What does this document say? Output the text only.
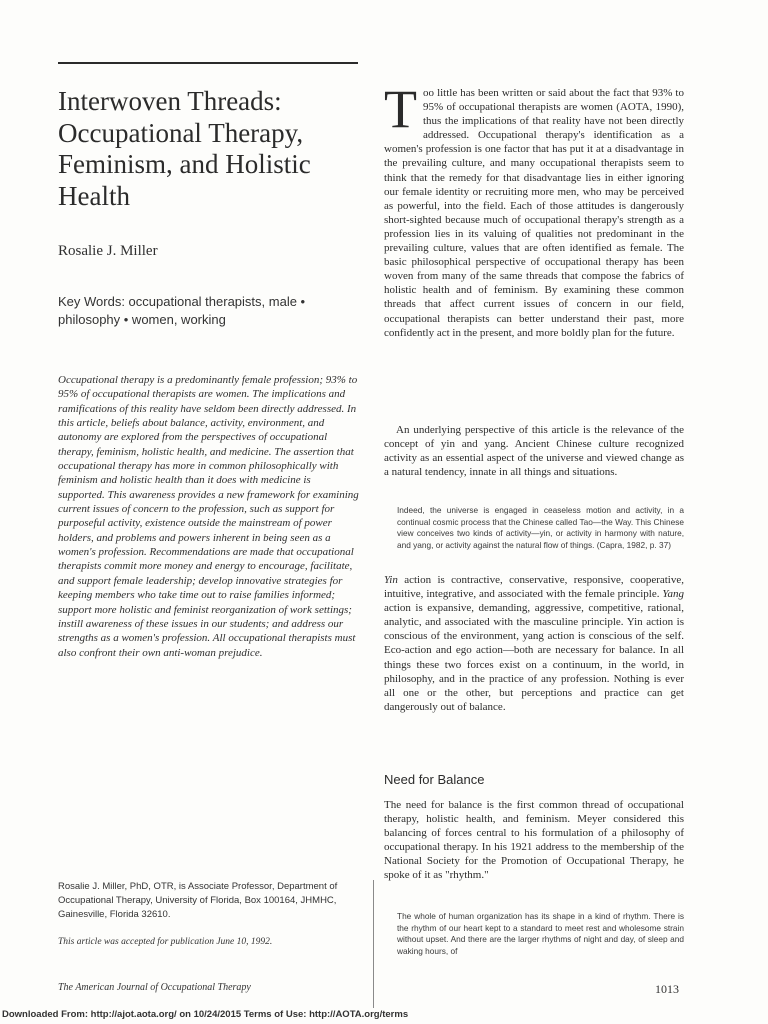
Interwoven Threads: Occupational Therapy, Feminism, and Holistic Health
Rosalie J. Miller
Key Words: occupational therapists, male • philosophy • women, working

Occupational therapy is a predominantly female profession; 93% to 95% of occupational therapists are women. The implications and ramifications of this reality have seldom been directly addressed. In this article, beliefs about balance, activity, environment, and autonomy are explored from the perspectives of occupational therapy, feminism, holistic health, and medicine. The assertion that occupational therapy has more in common philosophically with feminism and holistic health than it does with medicine is supported. This awareness provides a new framework for examining current issues of concern to the profession, such as support for purposeful activity, existence outside the mainstream of power holders, and problems and powers inherent in being seen as a women's profession. Recommendations are made that occupational therapists commit more money and energy to encourage, facilitate, and support female leadership; develop innovative strategies for keeping members who take time out to raise families informed; support more holistic and feminist reorganization of work settings; instill awareness of these issues in our students; and address our strengths as a women's profession. All occupational therapists must also confront their own anti-woman prejudice.

Rosalie J. Miller, PhD, OTR, is Associate Professor, Department of Occupational Therapy, University of Florida, Box 100164, JHMHC, Gainesville, Florida 32610.

This article was accepted for publication June 10, 1992.

Too little has been written or said about the fact that 93% to 95% of occupational therapists are women (AOTA, 1990), thus the implications of that reality have not been directly addressed. Occupational therapy's identification as a women's profession is one factor that has put it at a disadvantage in the prevailing culture, and many occupational therapists seem to think that the remedy for that disadvantage lies in either ignoring our female identity or recruiting more men, who may be perceived as powerful, into the field. Each of those attitudes is dangerously short-sighted because much of occupational therapy's strength as a profession lies in its valuing of qualities not predominant in the prevailing culture, values that are often identified as female. The basic philosophical perspective of occupational therapy has been woven from many of the same threads that compose the fabrics of holistic health and of feminism. By examining these common threads that affect current issues of concern in our field, occupational therapists can better understand their past, more confidently act in the present, and more boldly plan for the future.

An underlying perspective of this article is the relevance of the concept of yin and yang. Ancient Chinese culture recognized activity as an essential aspect of the universe and viewed change as a natural tendency, innate in all things and situations.

Indeed, the universe is engaged in ceaseless motion and activity, in a continual cosmic process that the Chinese called Tao—the Way. This Chinese view conceives two kinds of activity—yin, or activity in harmony with nature, and yang, or activity against the natural flow of things. (Capra, 1982, p. 37)

Yin action is contractive, conservative, responsive, cooperative, intuitive, integrative, and associated with the female principle. Yang action is expansive, demanding, aggressive, competitive, rational, analytic, and associated with the masculine principle. Yin action is conscious of the environment, yang action is conscious of the self. Eco-action and ego action—both are necessary for balance. In all things these two forces exist on a continuum, in the world, in philosophy, and in the practice of any profession. Nothing is ever all one or the other, but perceptions and practice can get dangerously out of balance.

Need for Balance

The need for balance is the first common thread of occupational therapy, holistic health, and feminism. Meyer considered this balancing of forces central to his formulation of a philosophy of occupational therapy. In his 1921 address to the membership of the National Society for the Promotion of Occupational Therapy, he spoke of it as "rhythm."

The whole of human organization has its shape in a kind of rhythm. There is the rhythm of our heart kept to a standard to meet rest and wholesome strain without upset. And there are the larger rhythms of night and day, of sleep and waking hours, of

The American Journal of Occupational Therapy	1013
Downloaded From: http://ajot.aota.org/ on 10/24/2015 Terms of Use: http://AOTA.org/terms
